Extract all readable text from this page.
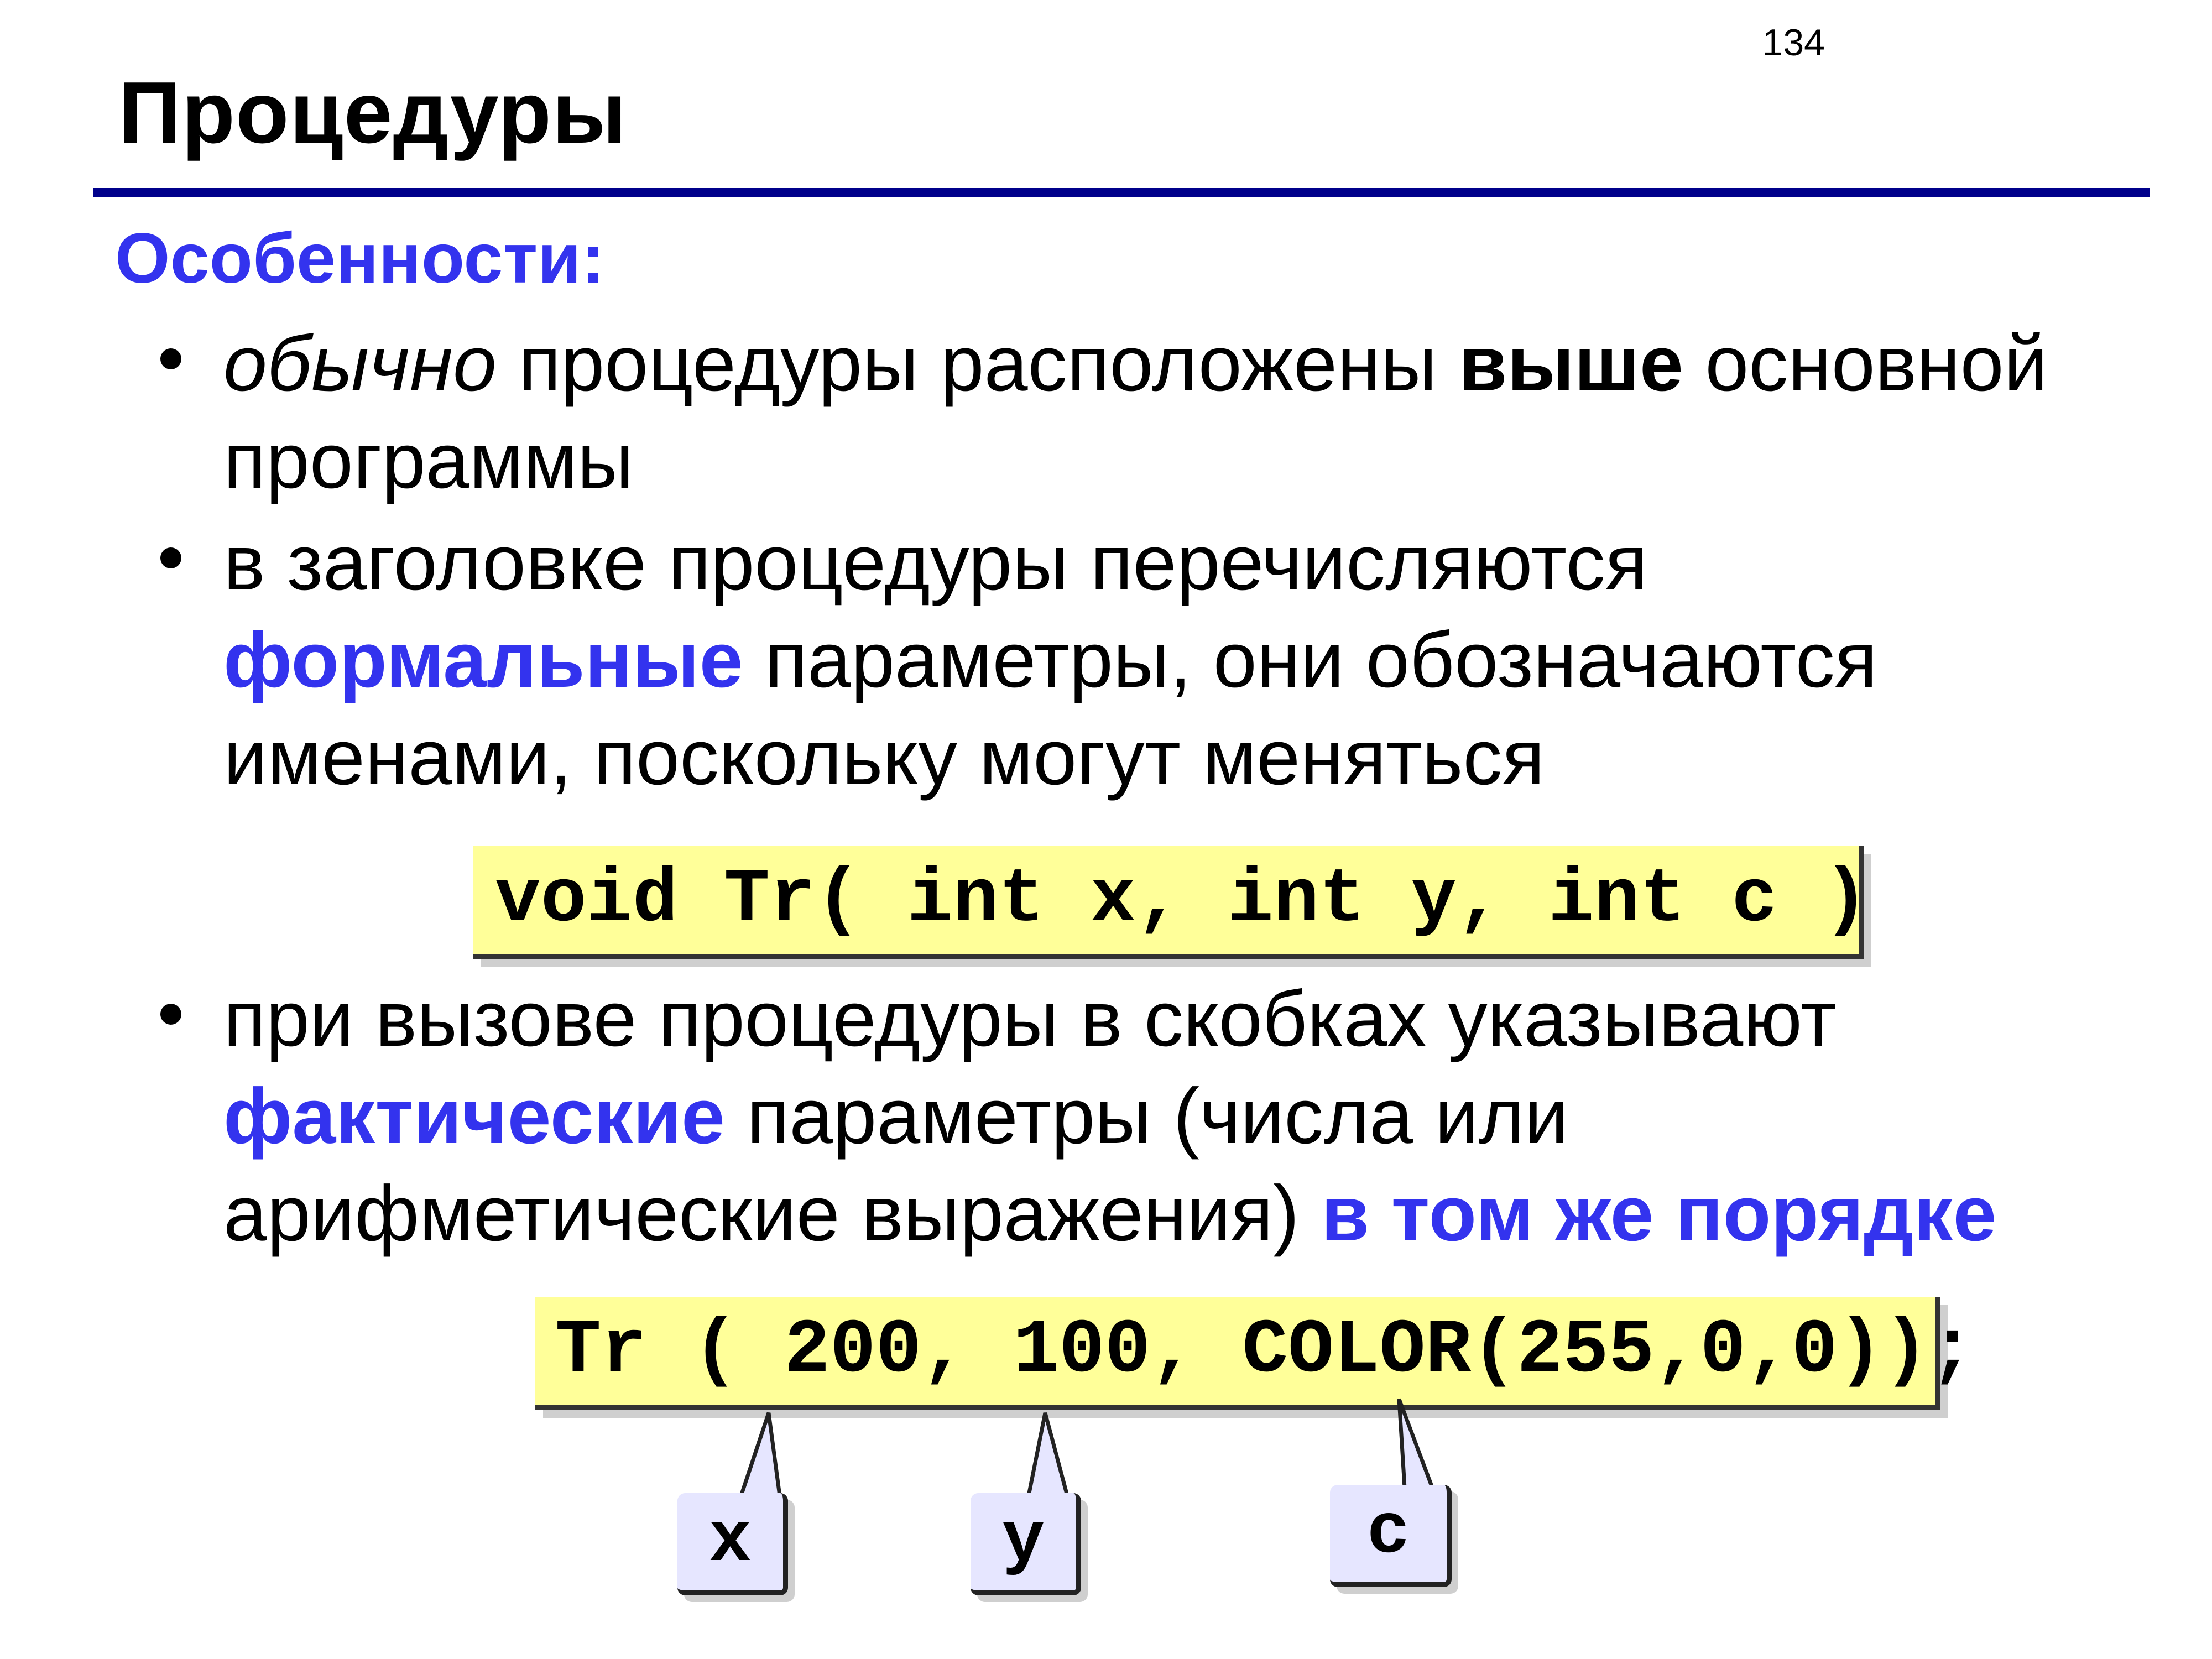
134
Процедуры
Особенности:
обычно процедуры расположены выше основной
программы
в заголовке процедуры перечисляются
формальные параметры, они обозначаются
именами, поскольку могут меняться
void Tr( int x, int y, int c )
при вызове процедуры в скобках указывают
фактические параметры (числа или
арифметические выражения) в том же порядке
Tr ( 200, 100, COLOR(255,0,0));
x	y	c
